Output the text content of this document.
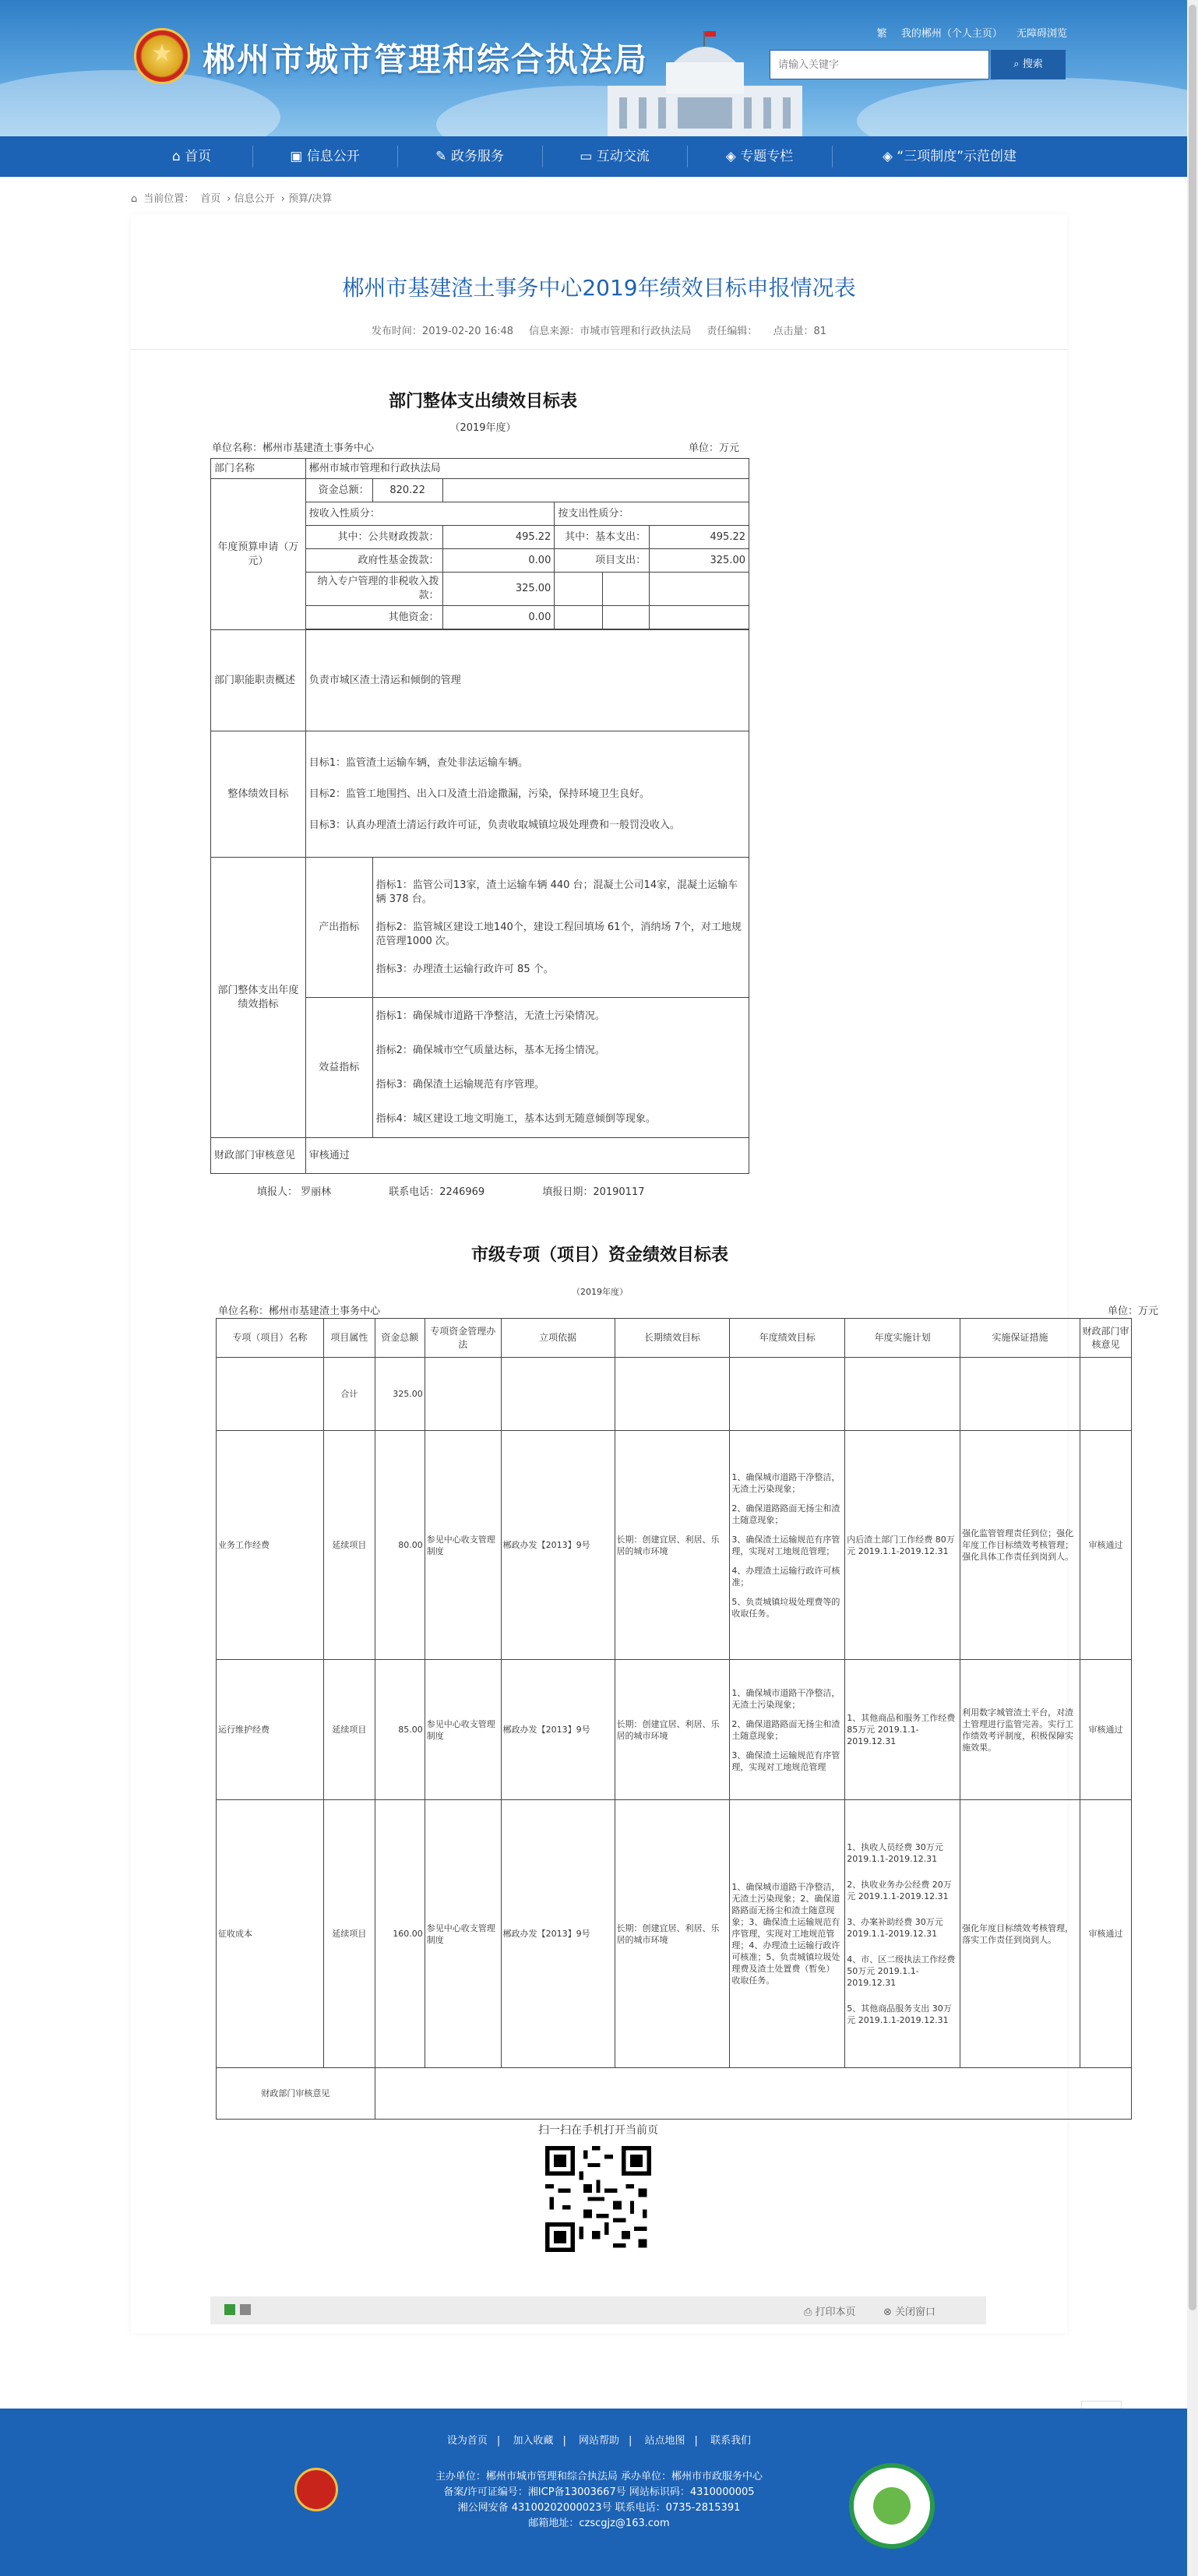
★
郴州市城市管理和综合执法局
繁 我的郴州（个人主页） 无障碍浏览
请输入关键字
⌕ 搜索
⌂ 首页	▣ 信息公开	✎ 政务服务	▭ 互动交流	◈ 专题专栏	◈ “三项制度”示范创建
⌂ 当前位置： 首页 › 信息公开 › 预算/决算
郴州市基建渣土事务中心2019年绩效目标申报情况表
发布时间：2019-02-20 16:48 信息来源：市城市管理和行政执法局 责任编辑： 点击量：81
部门整体支出绩效目标表
（2019年度）
单位名称：郴州市基建渣土事务中心	单位：万元
部门名称	郴州市城市管理和行政执法局					
年度预算申请（万元）	资金总额：	820.22				
	按收入性质分：			按支出性质分：		
	其中：公共财政拨款：		495.22	其中：基本支出：		495.22
	政府性基金拨款：		0.00	项目支出：		325.00
	纳入专户管理的非税收入拨款：		325.00			
	其他资金：		0.00			

部门职能职责概述	负责市城区渣土清运和倾倒的管理					
整体绩效目标	目标1：监管渣土运输车辆，查处非法运输车辆。
目标2：监管工地围挡、出入口及渣土沿途撒漏，污染，保持环境卫生良好。
目标3：认真办理渣土清运行政许可证，负责收取城镇垃圾处理费和一般罚没收入。					

部门整体支出年度绩效指标	产出指标	指标1：监管公司13家，渣土运输车辆 440 台；混凝土公司14家，混凝土运输车辆 378 台。
指标2：监管城区建设工地140个，建设工程回填场 61个，消纳场 7个，对工地规范管理1000 次。
指标3：办理渣土运输行政许可 85 个。				

	效益指标	指标1：确保城市道路干净整洁，无渣土污染情况。
指标2：确保城市空气质量达标，基本无扬尘情况。
指标3：确保渣土运输规范有序管理。
指标4：城区建设工地文明施工，基本达到无随意倾倒等现象。				

财政部门审核意见	审核通过					
填报人： 罗丽林	联系电话：2246969	填报日期：20190117
市级专项（项目）资金绩效目标表
（2019年度）
单位名称：郴州市基建渣土事务中心	单位：万元
专项（项目）名称	项目属性	资金总额	专项资金管理办法	立项依据	长期绩效目标	年度绩效目标	年度实施计划	实施保证措施	财政部门审核意见
	合计	325.00							
业务工作经费	延续项目	80.00	参见中心收支管理制度	郴政办发【2013】9号	长期：创建宜居、利居、乐居的城市环境	1、确保城市道路干净整洁，无渣土污染现象；
2、确保道路路面无扬尘和渣土随意现象；
3、确保渣土运输规范有序管理，实现对工地规范管理；
4、办理渣土运输行政许可核准；
5、负责城镇垃圾处理费等的收取任务。	内后渣土部门工作经费 80万元 2019.1.1-2019.12.31	强化监管管理责任到位；强化年度工作目标绩效考核管理；强化具体工作责任到岗到人。	审核通过
运行维护经费	延续项目	85.00	参见中心收支管理制度	郴政办发【2013】9号	长期：创建宜居、利居、乐居的城市环境	1、确保城市道路干净整洁，无渣土污染现象；
2、确保道路路面无扬尘和渣土随意现象；
3、确保渣土运输规范有序管理，实现对工地规范管理	1、其他商品和服务工作经费 85万元 2019.1.1-2019.12.31	利用数字城管渣土平台，对渣土管理进行监管完善。实行工作绩效考评制度，积极保障实施效果。	审核通过
征收成本	延续项目	160.00	参见中心收支管理制度	郴政办发【2013】9号	长期：创建宜居、利居、乐居的城市环境	1、确保城市道路干净整洁，无渣土污染现象；2、确保道路路面无扬尘和渣土随意现象；3、确保渣土运输规范有序管理，实现对工地规范管理；4、办理渣土运输行政许可核准；5、负责城镇垃圾处理费及渣土处置费（暂免）收取任务。	1、执收人员经费 30万元 2019.1.1-2019.12.31
2、执收业务办公经费 20万元 2019.1.1-2019.12.31
3、办案补助经费 30万元 2019.1.1-2019.12.31
4、市、区二级执法工作经费 50万元 2019.1.1-2019.12.31
5、其他商品服务支出 30万元 2019.1.1-2019.12.31	强化年度目标绩效考核管理，落实工作责任到岗到人。	审核通过
财政部门审核意见									
扫一扫在手机打开当前页
⎙ 打印本页	⊗ 关闭窗口
设为首页 | 加入收藏 | 网站帮助 | 站点地图 | 联系我们
主办单位：郴州市城市管理和综合执法局 承办单位：郴州市市政服务中心
备案/许可证编号：湘ICP备13003667号 网站标识码：4310000005
湘公网安备 43100202000023号 联系电话：0735-2815391
邮箱地址：czscgjz@163.com
